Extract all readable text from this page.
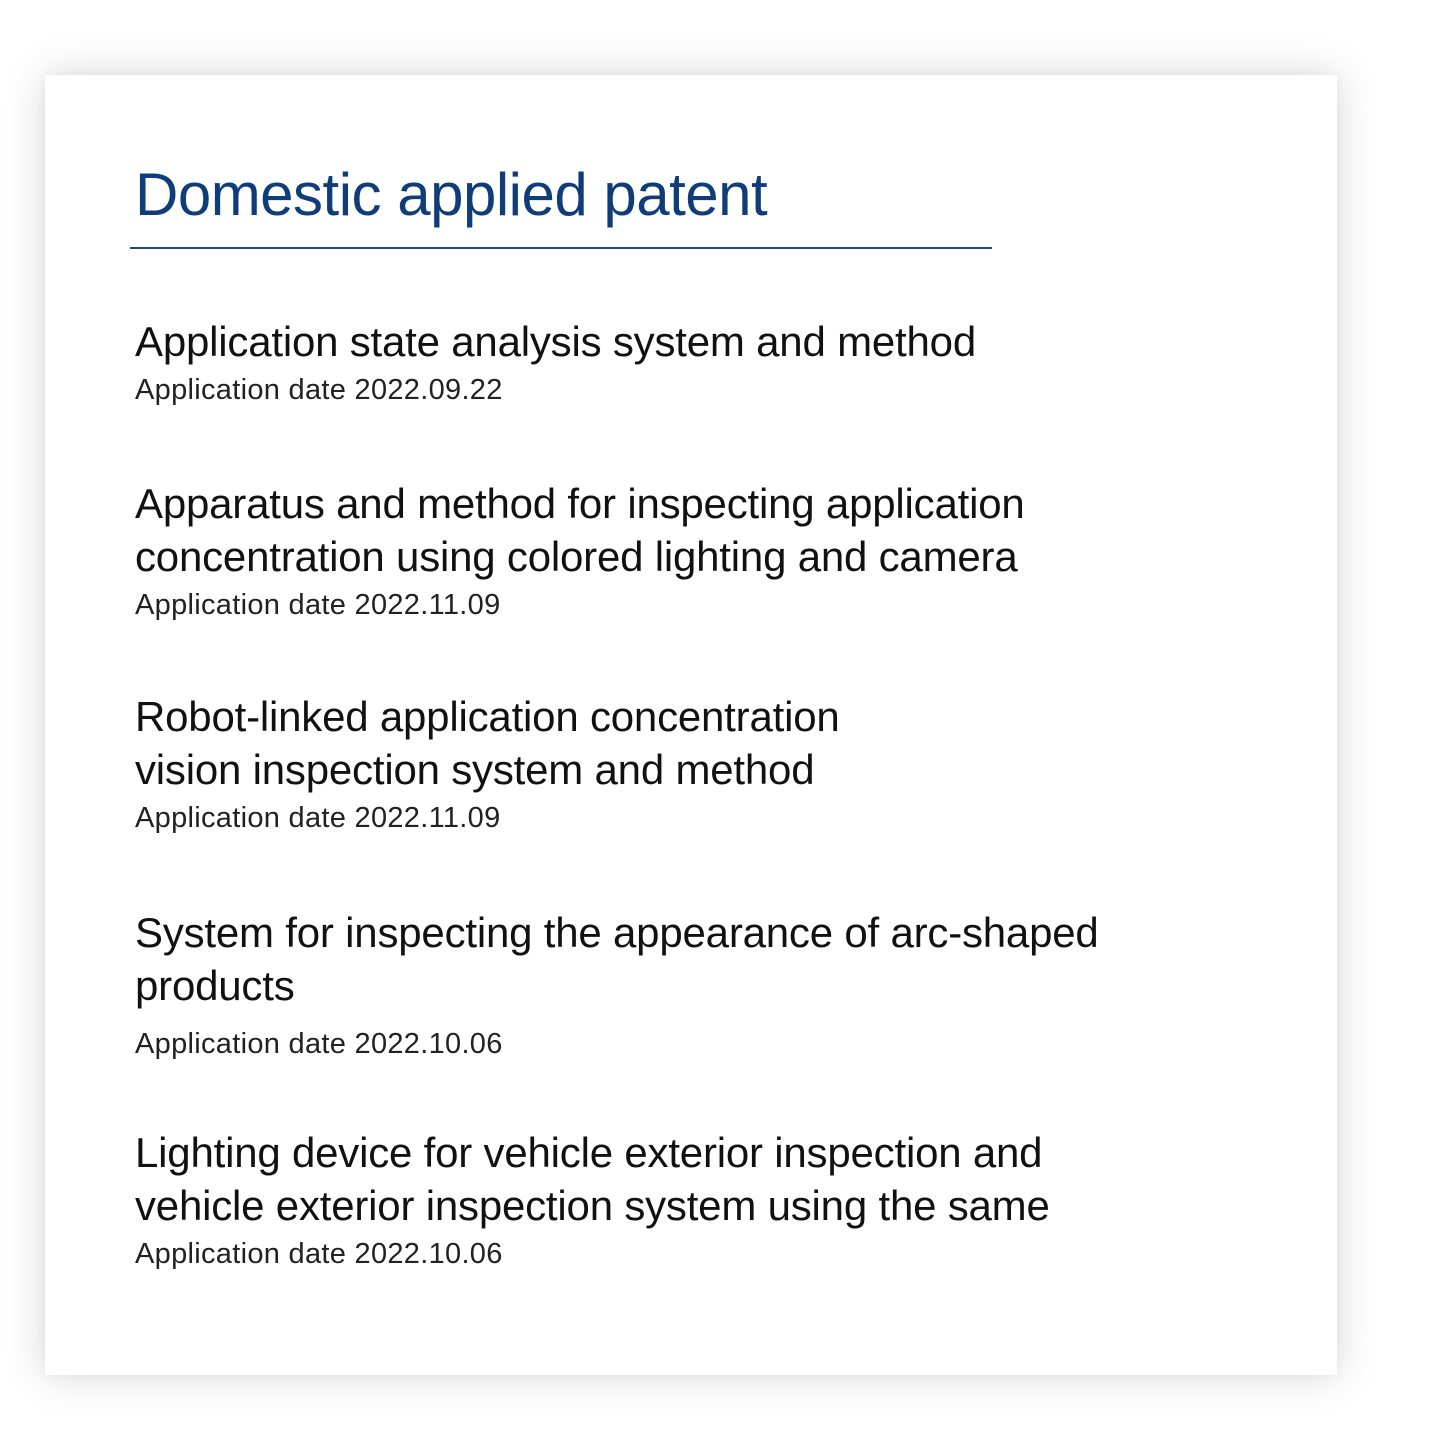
Domestic applied patent
Application state analysis system and method
Application date 2022.09.22
Apparatus and method for inspecting application
concentration using colored lighting and camera
Application date 2022.11.09
Robot-linked application concentration
vision inspection system and method
Application date 2022.11.09
System for inspecting the appearance of arc-shaped
products
Application date 2022.10.06
Lighting device for vehicle exterior inspection and
vehicle exterior inspection system using the same
Application date 2022.10.06
